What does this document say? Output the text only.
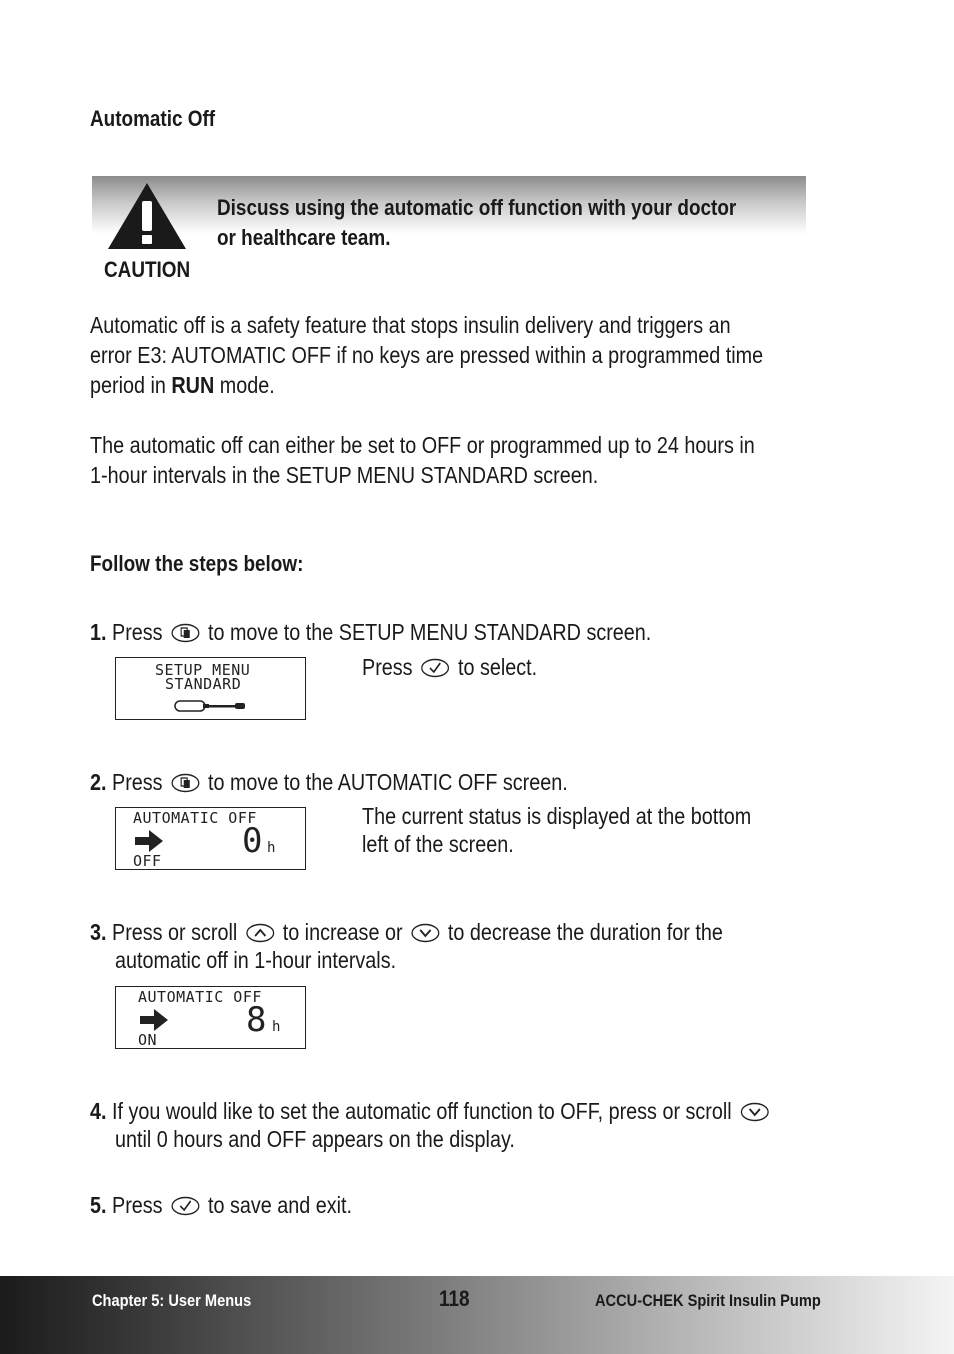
Automatic Off
Discuss using the automatic off function with your doctor
or healthcare team.
CAUTION
Automatic off is a safety feature that stops insulin delivery and triggers an
error E3: AUTOMATIC OFF if no keys are pressed within a programmed time
period in RUN mode.
The automatic off can either be set to OFF or programmed up to 24 hours in
1-hour intervals in the SETUP MENU STANDARD screen.
Follow the steps below:
1. Press to move to the SETUP MENU STANDARD screen.
SETUP MENU
STANDARD
Press to select.
2. Press to move to the AUTOMATIC OFF screen.
AUTOMATIC OFF
0 h
OFF
The current status is displayed at the bottom
left of the screen.
3. Press or scroll to increase or to decrease the duration for the
automatic off in 1-hour intervals.
AUTOMATIC OFF
8 h
ON
4. If you would like to set the automatic off function to OFF, press or scroll
until 0 hours and OFF appears on the display.
5. Press to save and exit.
Chapter 5: User Menus	118	ACCU-CHEK Spirit Insulin Pump
